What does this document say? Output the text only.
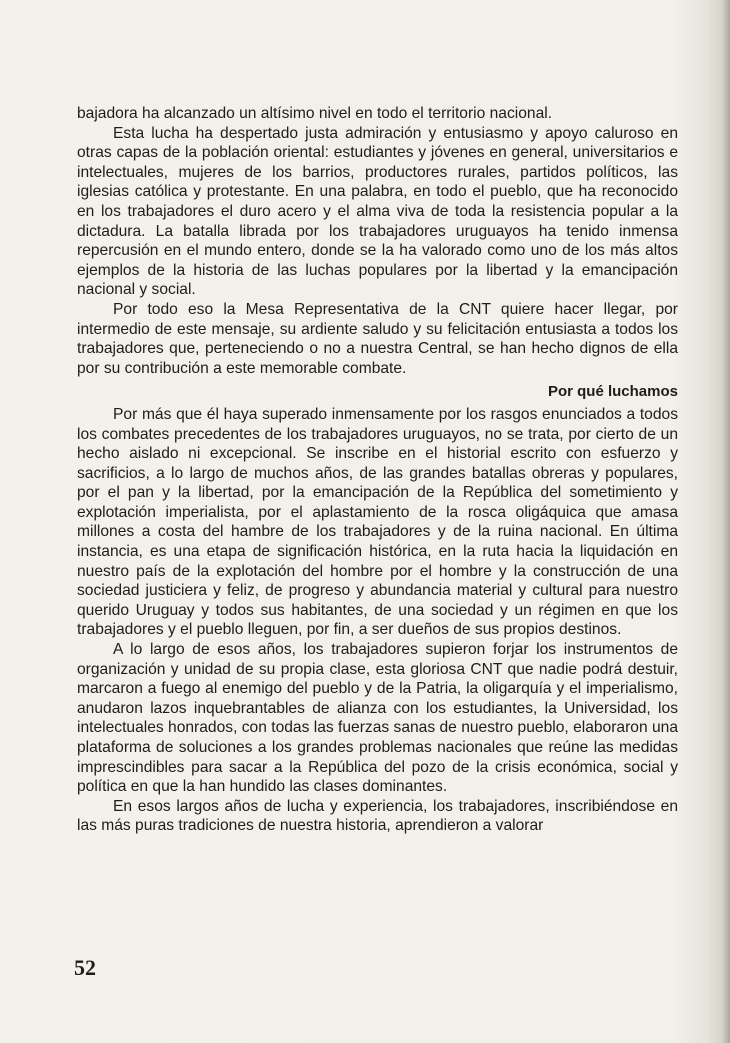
bajadora ha alcanzado un altísimo nivel en todo el territorio nacional.

Esta lucha ha despertado justa admiración y entusiasmo y apoyo caluroso en otras capas de la población oriental: estudiantes y jóvenes en general, universitarios e intelectuales, mujeres de los barrios, productores rurales, partidos políticos, las iglesias católica y protestante. En una palabra, en todo el pueblo, que ha reconocido en los trabajadores el duro acero y el alma viva de toda la resistencia popular a la dictadura. La batalla librada por los trabajadores uruguayos ha tenido inmensa repercusión en el mundo entero, donde se la ha valorado como uno de los más altos ejemplos de la historia de las luchas populares por la libertad y la emancipación nacional y social.

Por todo eso la Mesa Representativa de la CNT quiere hacer llegar, por intermedio de este mensaje, su ardiente saludo y su felicitación entusiasta a todos los trabajadores que, perteneciendo o no a nuestra Central, se han hecho dignos de ella por su contribución a este memorable combate.

Por qué luchamos

Por más que él haya superado inmensamente por los rasgos enunciados a todos los combates precedentes de los trabajadores uruguayos, no se trata, por cierto de un hecho aislado ni excepcional. Se inscribe en el historial escrito con esfuerzo y sacrificios, a lo largo de muchos años, de las grandes batallas obreras y populares, por el pan y la libertad, por la emancipación de la República del sometimiento y explotación imperialista, por el aplastamiento de la rosca oligáquica que amasa millones a costa del hambre de los trabajadores y de la ruina nacional. En última instancia, es una etapa de significación histórica, en la ruta hacia la liquidación en nuestro país de la explotación del hombre por el hombre y la construcción de una sociedad justiciera y feliz, de progreso y abundancia material y cultural para nuestro querido Uruguay y todos sus habitantes, de una sociedad y un régimen en que los trabajadores y el pueblo lleguen, por fin, a ser dueños de sus propios destinos.

A lo largo de esos años, los trabajadores supieron forjar los instrumentos de organización y unidad de su propia clase, esta gloriosa CNT que nadie podrá destuir, marcaron a fuego al enemigo del pueblo y de la Patria, la oligarquía y el imperialismo, anudaron lazos inquebrantables de alianza con los estudiantes, la Universidad, los intelectuales honrados, con todas las fuerzas sanas de nuestro pueblo, elaboraron una plataforma de soluciones a los grandes problemas nacionales que reúne las medidas imprescindibles para sacar a la República del pozo de la crisis económica, social y política en que la han hundido las clases dominantes.

En esos largos años de lucha y experiencia, los trabajadores, inscribiéndose en las más puras tradiciones de nuestra historia, aprendieron a valorar

52
